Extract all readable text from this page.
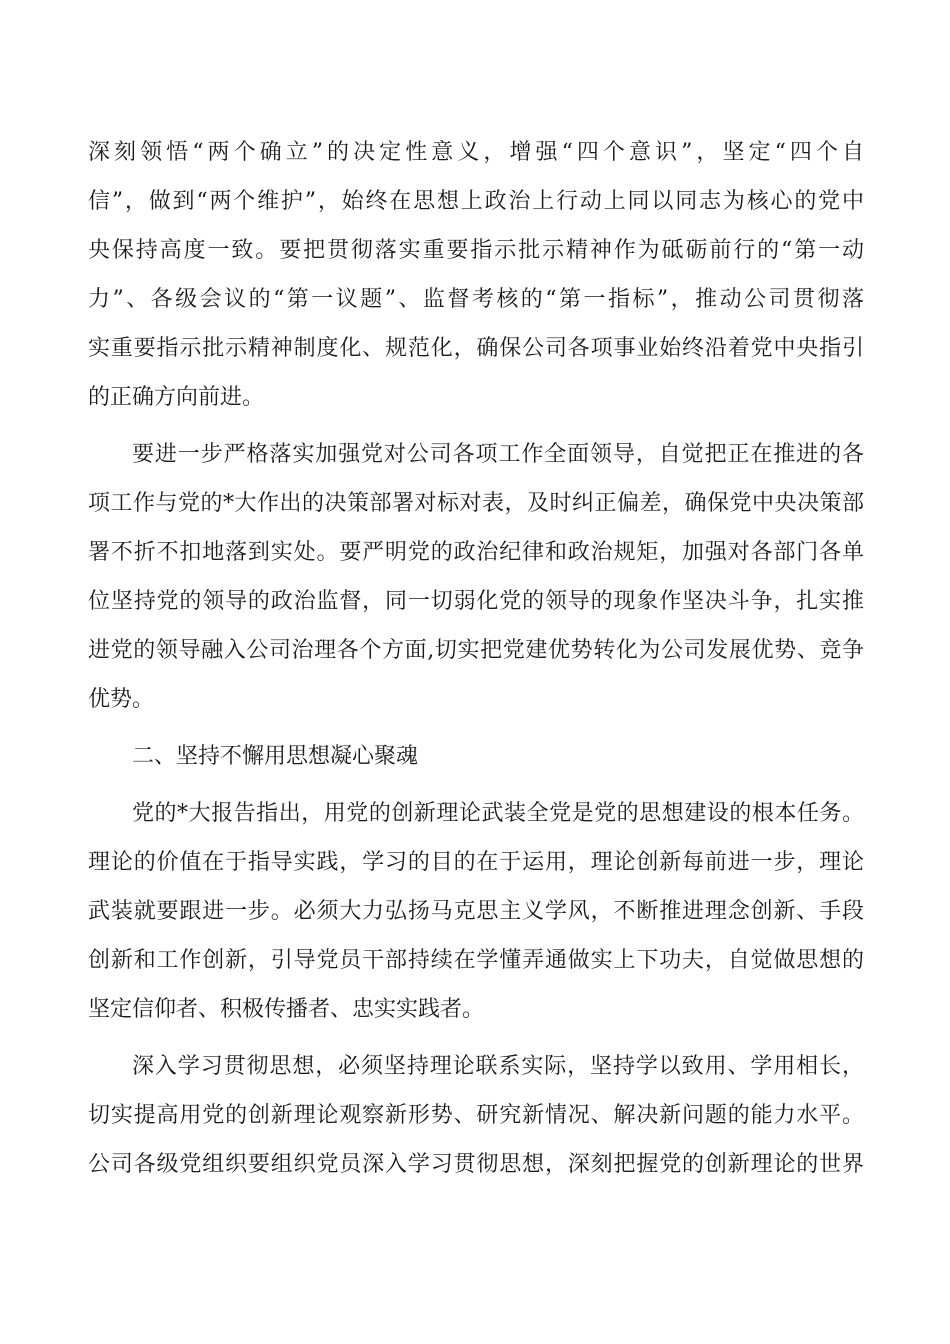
深刻领悟“两个确立”的决定性意义，增强“四个意识”，坚定“四个自
信”，做到“两个维护”，始终在思想上政治上行动上同以同志为核心的党中
央保持高度一致。要把贯彻落实重要指示批示精神作为砥砺前行的“第一动
力”、各级会议的“第一议题”、监督考核的“第一指标”，推动公司贯彻落
实重要指示批示精神制度化、规范化，确保公司各项事业始终沿着党中央指引
的正确方向前进。
要进一步严格落实加强党对公司各项工作全面领导，自觉把正在推进的各
项工作与党的*大作出的决策部署对标对表，及时纠正偏差，确保党中央决策部
署不折不扣地落到实处。要严明党的政治纪律和政治规矩，加强对各部门各单
位坚持党的领导的政治监督，同一切弱化党的领导的现象作坚决斗争，扎实推
进党的领导融入公司治理各个方面,切实把党建优势转化为公司发展优势、竞争
优势。
二、坚持不懈用思想凝心聚魂
党的*大报告指出，用党的创新理论武装全党是党的思想建设的根本任务。
理论的价值在于指导实践，学习的目的在于运用，理论创新每前进一步，理论
武装就要跟进一步。必须大力弘扬马克思主义学风，不断推进理念创新、手段
创新和工作创新，引导党员干部持续在学懂弄通做实上下功夫，自觉做思想的
坚定信仰者、积极传播者、忠实实践者。
深入学习贯彻思想，必须坚持理论联系实际，坚持学以致用、学用相长，
切实提高用党的创新理论观察新形势、研究新情况、解决新问题的能力水平。
公司各级党组织要组织党员深入学习贯彻思想，深刻把握党的创新理论的世界
